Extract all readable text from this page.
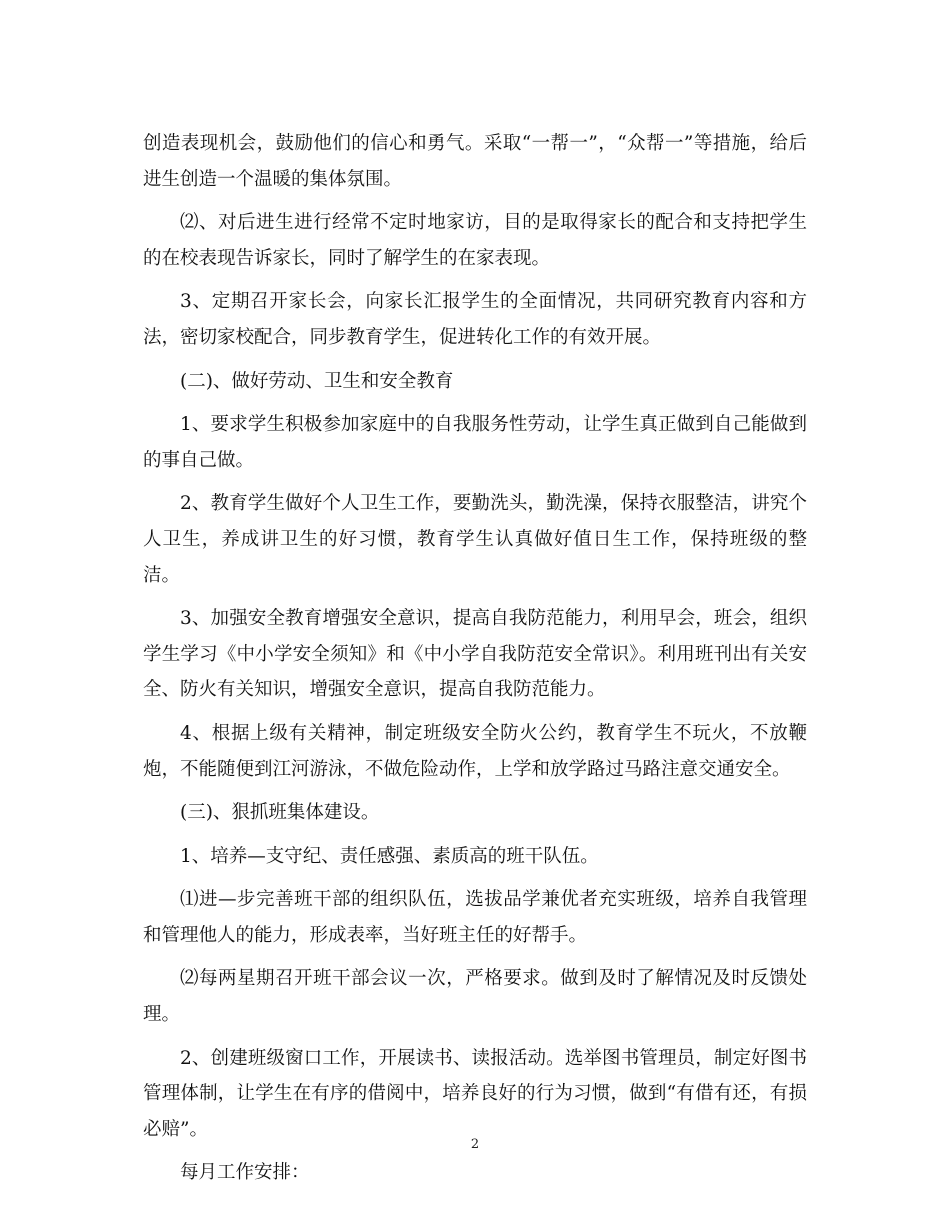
创造表现机会，鼓励他们的信心和勇气。采取“一帮一”，“众帮一”等措施，给后进生创造一个温暖的集体氛围。

⑵、对后进生进行经常不定时地家访，目的是取得家长的配合和支持把学生的在校表现告诉家长，同时了解学生的在家表现。

3、定期召开家长会，向家长汇报学生的全面情况，共同研究教育内容和方法，密切家校配合，同步教育学生，促进转化工作的有效开展。

(二)、做好劳动、卫生和安全教育

1、要求学生积极参加家庭中的自我服务性劳动，让学生真正做到自己能做到的事自己做。

2、教育学生做好个人卫生工作，要勤洗头，勤洗澡，保持衣服整洁，讲究个人卫生，养成讲卫生的好习惯，教育学生认真做好值日生工作，保持班级的整洁。

3、加强安全教育增强安全意识，提高自我防范能力，利用早会，班会，组织学生学习《中小学安全须知》和《中小学自我防范安全常识》。利用班刊出有关安全、防火有关知识，增强安全意识，提高自我防范能力。

4、根据上级有关精神，制定班级安全防火公约，教育学生不玩火，不放鞭炮，不能随便到江河游泳，不做危险动作，上学和放学路过马路注意交通安全。

(三)、狠抓班集体建设。

1、培养—支守纪、责任感强、素质高的班干队伍。

⑴进—步完善班干部的组织队伍，选拔品学兼优者充实班级，培养自我管理和管理他人的能力，形成表率，当好班主任的好帮手。

⑵每两星期召开班干部会议一次，严格要求。做到及时了解情况及时反馈处理。

2、创建班级窗口工作，开展读书、读报活动。选举图书管理员，制定好图书管理体制，让学生在有序的借阅中，培养良好的行为习惯，做到“有借有还，有损必赔”。

每月工作安排：

2
